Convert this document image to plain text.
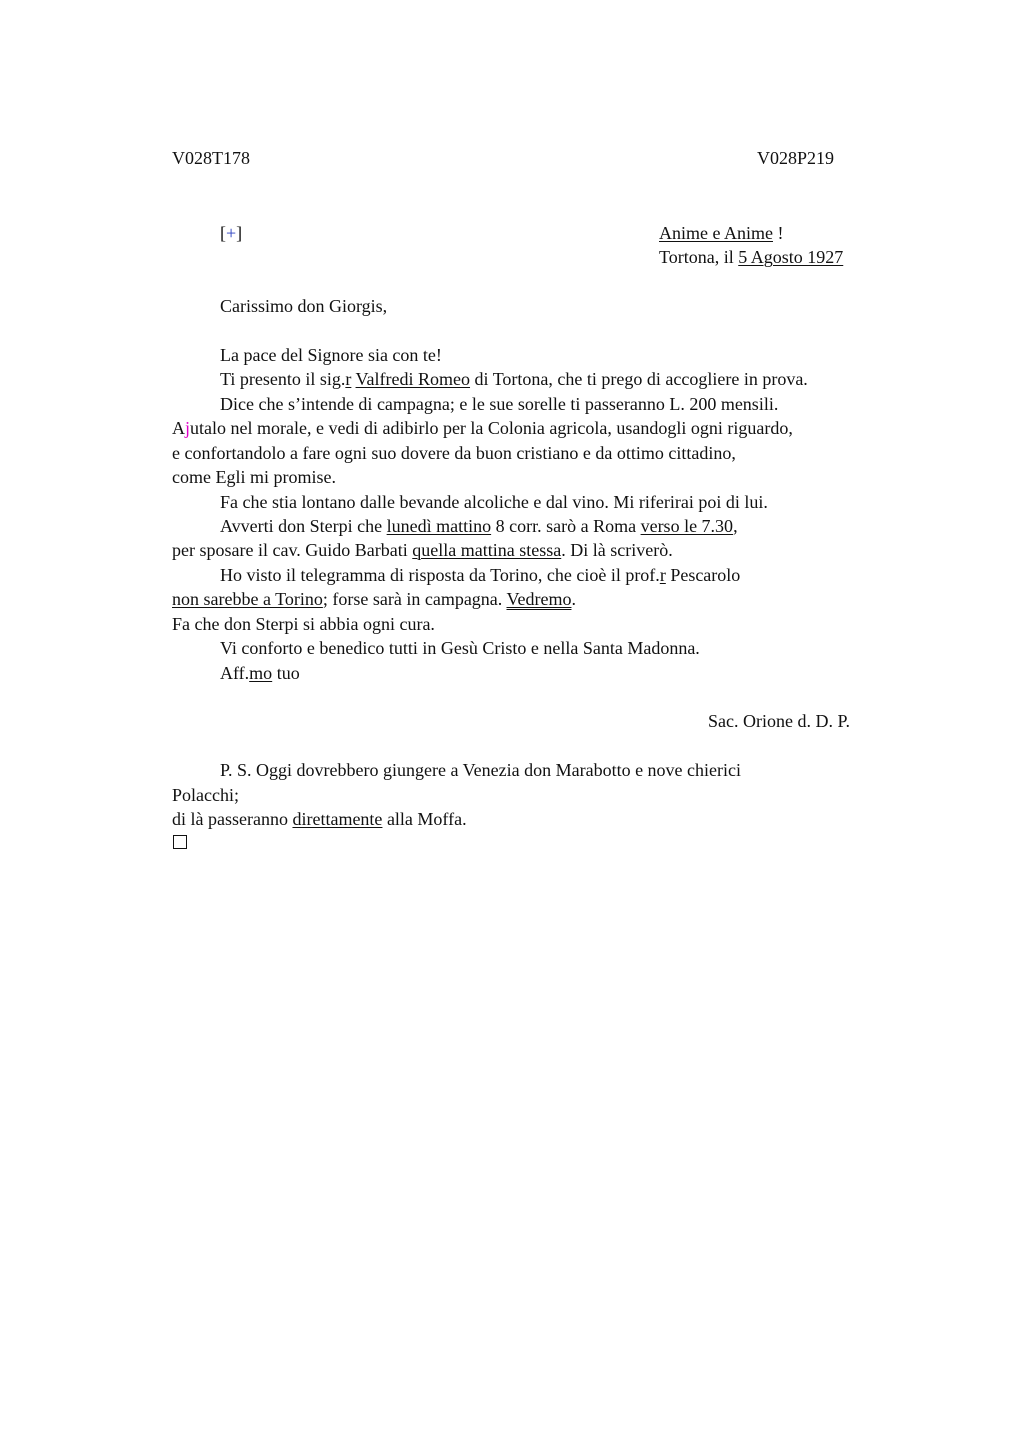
V028T178	V028P219
[+]	Anime e Anime !
Tortona, il 5 Agosto 1927
Carissimo don Giorgis,
La pace del Signore sia con te!
Ti presento il sig.r Valfredi Romeo di Tortona, che ti prego di accogliere in prova.
Dice che s’intende di campagna; e le sue sorelle ti passeranno L. 200 mensili.
Ajutalo nel morale, e vedi di adibirlo per la Colonia agricola, usandogli ogni riguardo,
e confortandolo a fare ogni suo dovere da buon cristiano e da ottimo cittadino,
come Egli mi promise.
Fa che stia lontano dalle bevande alcoliche e dal vino. Mi riferirai poi di lui.
Avverti don Sterpi che lunedì mattino 8 corr. sarò a Roma verso le 7.30,
per sposare il cav. Guido Barbati quella mattina stessa. Di là scriverò.
Ho visto il telegramma di risposta da Torino, che cioè il prof.r Pescarolo
non sarebbe a Torino; forse sarà in campagna. Vedremo.
Fa che don Sterpi si abbia ogni cura.
Vi conforto e benedico tutti in Gesù Cristo e nella Santa Madonna.
Aff.mo tuo
Sac. Orione d. D. P.
P. S. Oggi dovrebbero giungere a Venezia don Marabotto e nove chierici
Polacchi;
di là passeranno direttamente alla Moffa.
